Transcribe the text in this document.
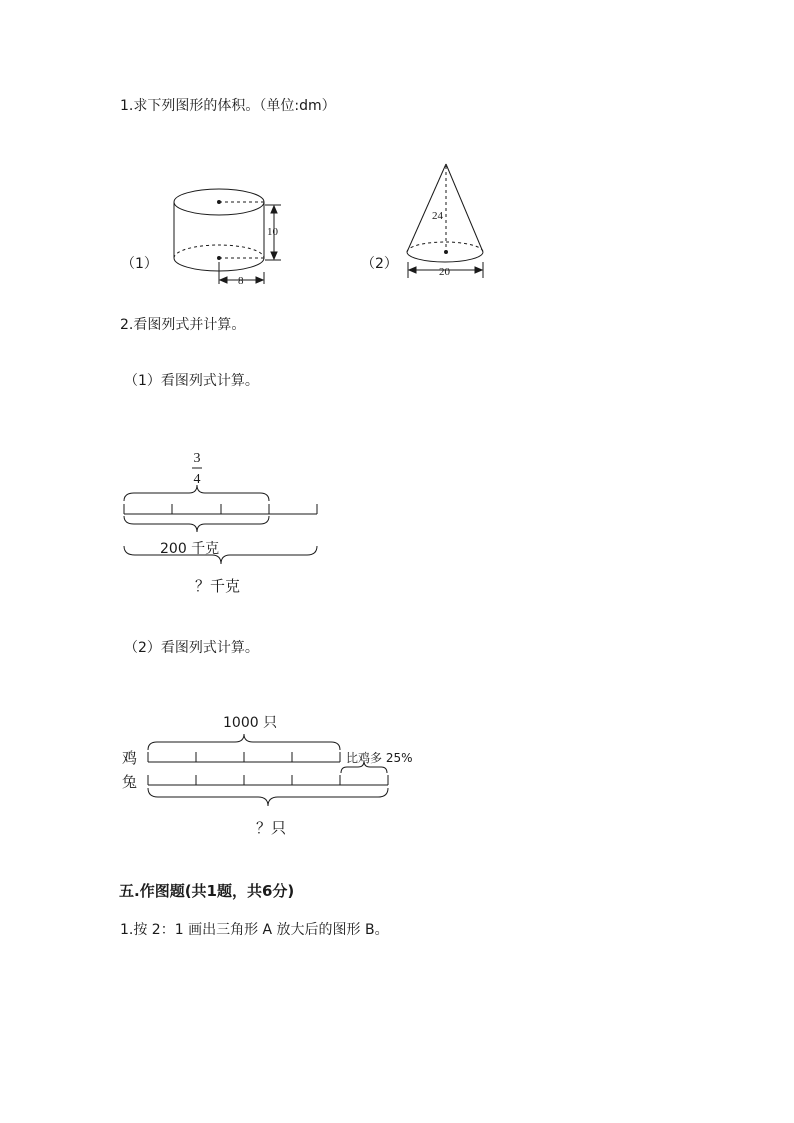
1.求下列图形的体积。（单位:dm）
（1）	（2）
10
8
24
20
3
4
2.看图列式并计算。
（1）看图列式计算。
200 千克
？千克
（2）看图列式计算。
1000 只
鸡
兔
比鸡多 25%
？只
五.作图题(共1题，共6分)
1.按 2：1 画出三角形 A 放大后的图形 B。
